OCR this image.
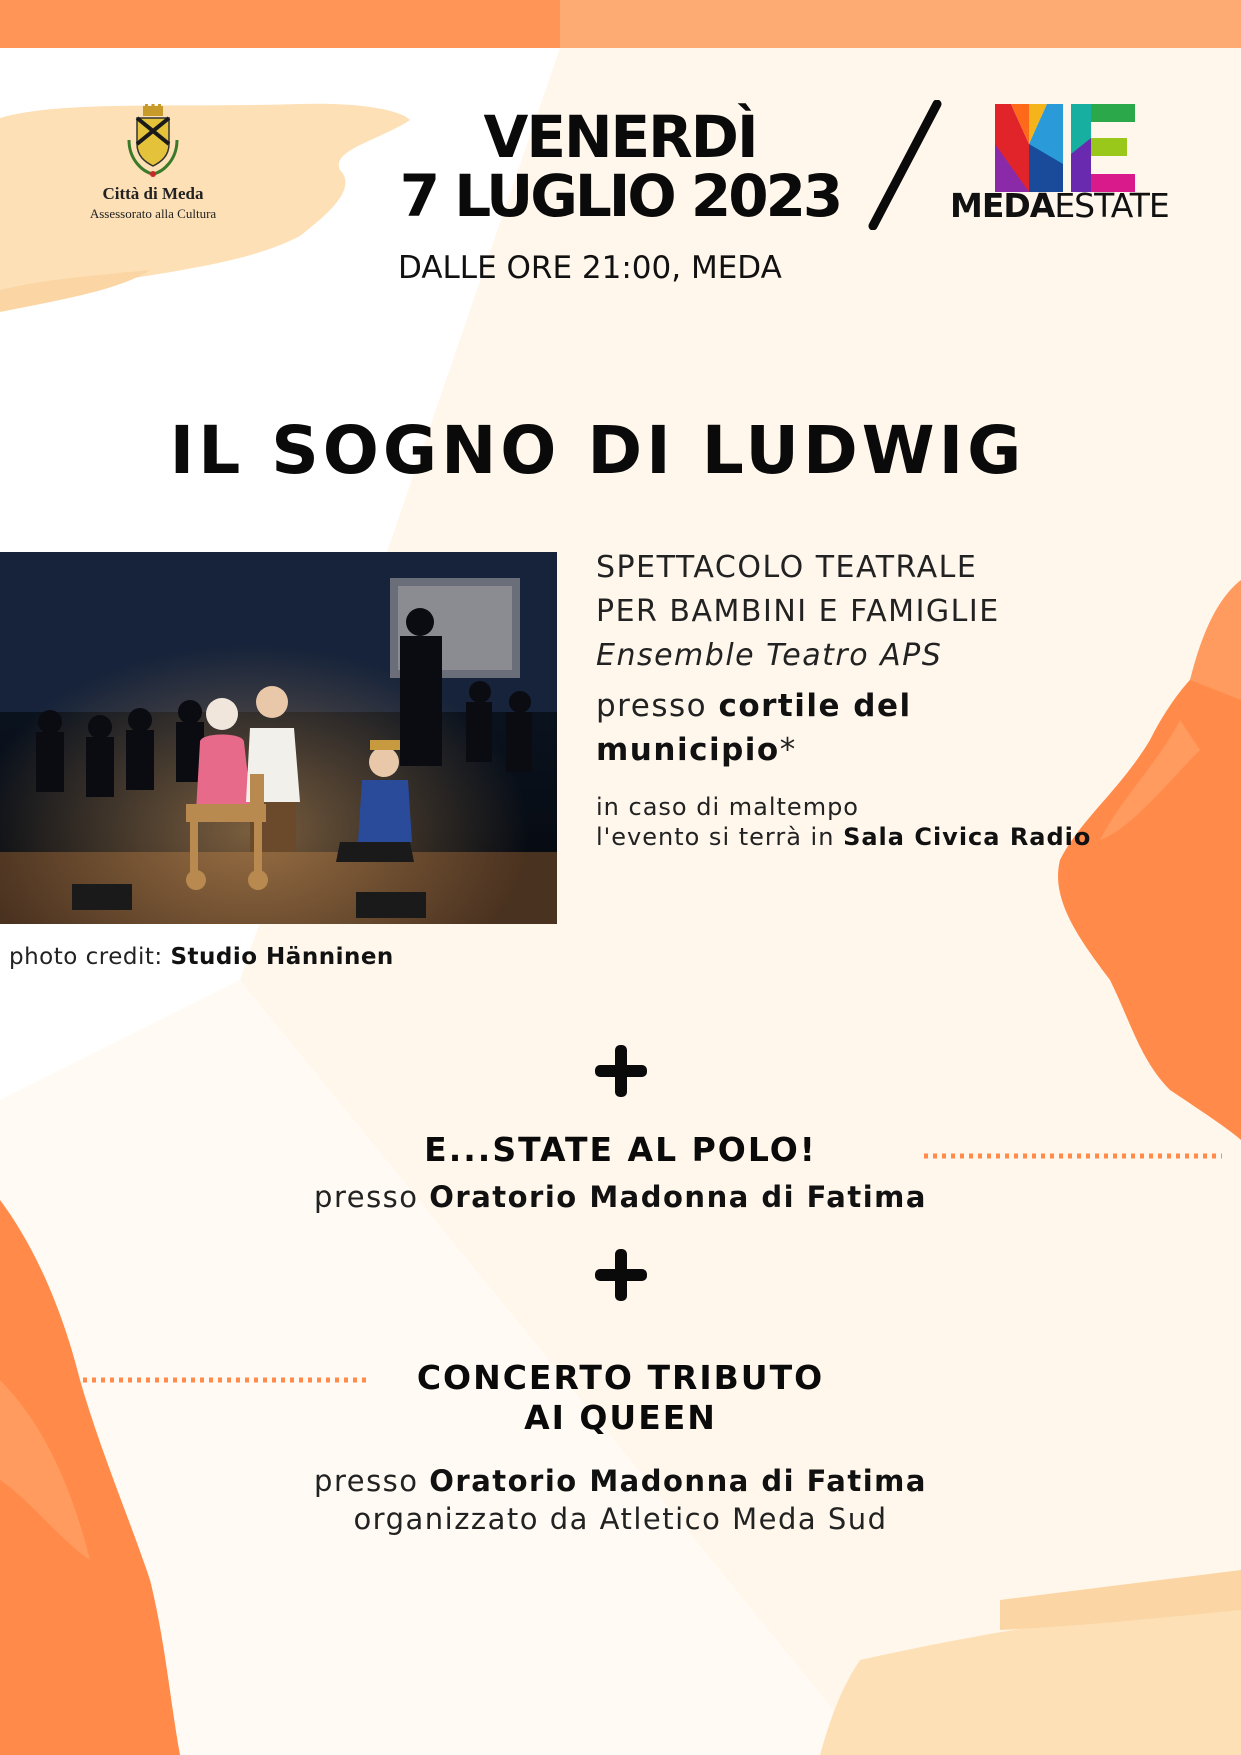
Città di Meda
Assessorato alla Cultura
VENERDÌ
7 LUGLIO 2023
DALLE ORE 21:00, MEDA
MEDAESTATE
IL SOGNO DI LUDWIG
photo credit: Studio Hänninen
SPETTACOLO TEATRALE
PER BAMBINI E FAMIGLIE
Ensemble Teatro APS
presso cortile del municipio*
in caso di maltempo
l'evento si terrà in Sala Civica Radio
E...STATE AL POLO!
presso Oratorio Madonna di Fatima
CONCERTO TRIBUTO
AI QUEEN
presso Oratorio Madonna di Fatima
organizzato da Atletico Meda Sud
